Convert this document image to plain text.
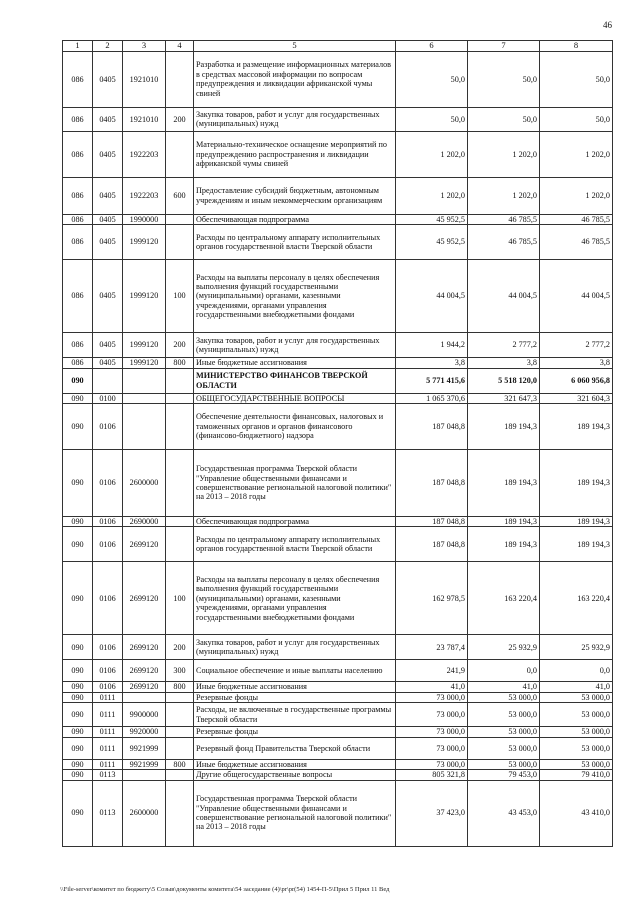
46
1	2	3	4	5	6	7	8
086	0405	1921010		Разработка и размещение информационных материалов в средствах массовой информации по вопросам предупреждения и ликвидации африканской чумы свиней	50,0	50,0	50,0
086	0405	1921010	200	Закупка товаров, работ и услуг для государственных (муниципальных) нужд	50,0	50,0	50,0
086	0405	1922203		Материально-техническое оснащение мероприятий по предупреждению распространения и ликвидации африканской чумы свиней	1 202,0	1 202,0	1 202,0
086	0405	1922203	600	Предоставление субсидий бюджетным, автономным учреждениям и иным некоммерческим организациям	1 202,0	1 202,0	1 202,0
086	0405	1990000		Обеспечивающая подпрограмма	45 952,5	46 785,5	46 785,5
086	0405	1999120		Расходы по центральному аппарату исполнительных органов государственной власти Тверской области	45 952,5	46 785,5	46 785,5
086	0405	1999120	100	Расходы на выплаты персоналу в целях обеспечения выполнения функций государственными (муниципальными) органами, казенными учреждениями, органами управления государственными внебюджетными фондами	44 004,5	44 004,5	44 004,5
086	0405	1999120	200	Закупка товаров, работ и услуг для государственных (муниципальных) нужд	1 944,2	2 777,2	2 777,2
086	0405	1999120	800	Иные бюджетные ассигнования	3,8	3,8	3,8
090				МИНИСТЕРСТВО ФИНАНСОВ ТВЕРСКОЙ ОБЛАСТИ	5 771 415,6	5 518 120,0	6 060 956,8
090	0100			ОБЩЕГОСУДАРСТВЕННЫЕ ВОПРОСЫ	1 065 370,6	321 647,3	321 604,3
090	0106			Обеспечение деятельности финансовых, налоговых и таможенных органов и органов финансового (финансово-бюджетного) надзора	187 048,8	189 194,3	189 194,3
090	0106	2600000		Государственная программа Тверской области "Управление общественными финансами и совершенствование региональной налоговой политики" на 2013 – 2018 годы	187 048,8	189 194,3	189 194,3
090	0106	2690000		Обеспечивающая подпрограмма	187 048,8	189 194,3	189 194,3
090	0106	2699120		Расходы по центральному аппарату исполнительных органов государственной власти Тверской области	187 048,8	189 194,3	189 194,3
090	0106	2699120	100	Расходы на выплаты персоналу в целях обеспечения выполнения функций государственными (муниципальными) органами, казенными учреждениями, органами управления государственными внебюджетными фондами	162 978,5	163 220,4	163 220,4
090	0106	2699120	200	Закупка товаров, работ и услуг для государственных (муниципальных) нужд	23 787,4	25 932,9	25 932,9
090	0106	2699120	300	Социальное обеспечение и иные выплаты населению	241,9	0,0	0,0
090	0106	2699120	800	Иные бюджетные ассигнования	41,0	41,0	41,0
090	0111			Резервные фонды	73 000,0	53 000,0	53 000,0
090	0111	9900000		Расходы, не включенные в государственные программы Тверской области	73 000,0	53 000,0	53 000,0
090	0111	9920000		Резервные фонды	73 000,0	53 000,0	53 000,0
090	0111	9921999		Резервный фонд Правительства Тверской области	73 000,0	53 000,0	53 000,0
090	0111	9921999	800	Иные бюджетные ассигнования	73 000,0	53 000,0	53 000,0
090	0113			Другие общегосударственные вопросы	805 321,8	79 453,0	79 410,0
090	0113	2600000		Государственная программа Тверской области "Управление общественными финансами и совершенствование региональной налоговой политики" на 2013 – 2018 годы	37 423,0	43 453,0	43 410,0
\\File-server\комитет по бюджету\5 Созыв\документы комитета\54 заседание (4)\pr\pr(54) 1454-П-5\Прил 5 Прил 11 Вед
